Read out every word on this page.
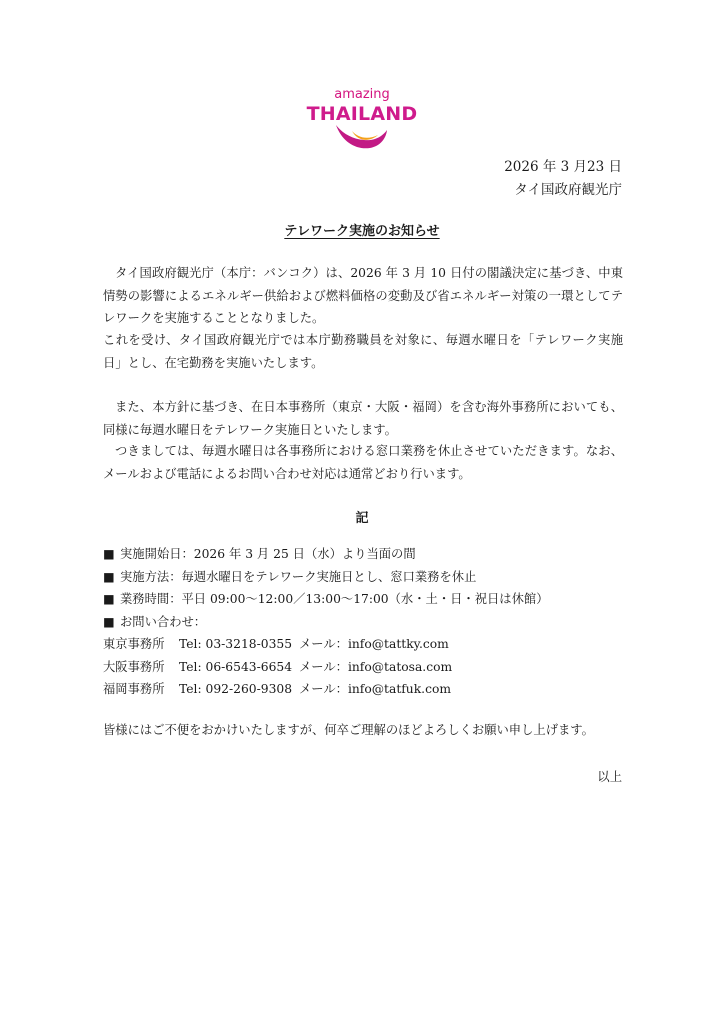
amazing
THAILAND
2026 年 3 月23 日
タイ国政府観光庁
テレワーク実施のお知らせ

タイ国政府観光庁（本庁：バンコク）は、2026 年 3 月 10 日付の閣議決定に基づき、中東情勢の影響によるエネルギー供給および燃料価格の変動及び省エネルギー対策の一環としてテレワークを実施することとなりました。

これを受け、タイ国政府観光庁では本庁勤務職員を対象に、毎週水曜日を「テレワーク実施日」とし、在宅勤務を実施いたします。

また、本方針に基づき、在日本事務所（東京・大阪・福岡）を含む海外事務所においても、同様に毎週水曜日をテレワーク実施日といたします。

つきましては、毎週水曜日は各事務所における窓口業務を休止させていただきます。なお、メールおよび電話によるお問い合わせ対応は通常どおり行います。

記
■ 実施開始日：2026 年 3 月 25 日（水）より当面の間
■ 実施方法：毎週水曜日をテレワーク実施日とし、窓口業務を休止
■ 業務時間：平日 09:00～12:00／13:00～17:00（水・土・日・祝日は休館）
■ お問い合わせ：
東京事務所 Tel: 03-3218-0355 メール：info@tattky.com
大阪事務所 Tel: 06-6543-6654 メール：info@tatosa.com
福岡事務所 Tel: 092-260-9308 メール：info@tatfuk.com
皆様にはご不便をおかけいたしますが、何卒ご理解のほどよろしくお願い申し上げます。
以上
